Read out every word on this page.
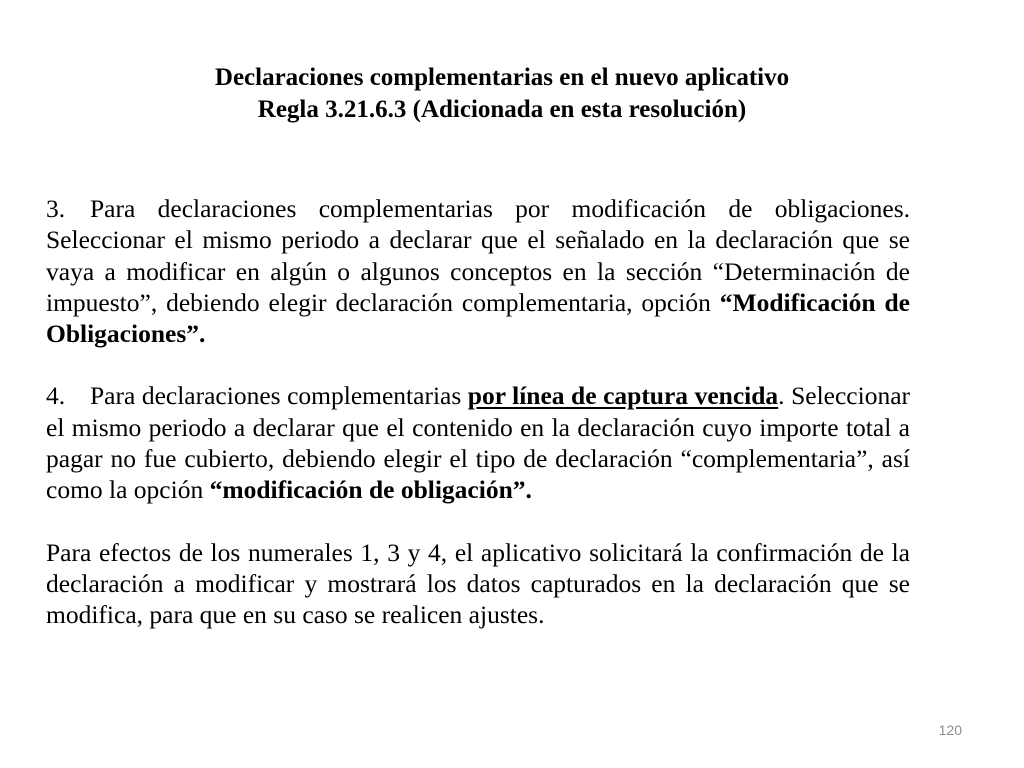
Declaraciones complementarias en el nuevo aplicativo
Regla 3.21.6.3 (Adicionada en esta resolución)

3. Para declaraciones complementarias por modificación de obligaciones. Seleccionar el mismo periodo a declarar que el señalado en la declaración que se vaya a modificar en algún o algunos conceptos en la sección “Determinación de impuesto”, debiendo elegir declaración complementaria, opción “Modificación de Obligaciones”.

4. Para declaraciones complementarias por línea de captura vencida. Seleccionar el mismo periodo a declarar que el contenido en la declaración cuyo importe total a pagar no fue cubierto, debiendo elegir el tipo de declaración “complementaria”, así como la opción “modificación de obligación”.

Para efectos de los numerales 1, 3 y 4, el aplicativo solicitará la confirmación de la declaración a modificar y mostrará los datos capturados en la declaración que se modifica, para que en su caso se realicen ajustes.

120
